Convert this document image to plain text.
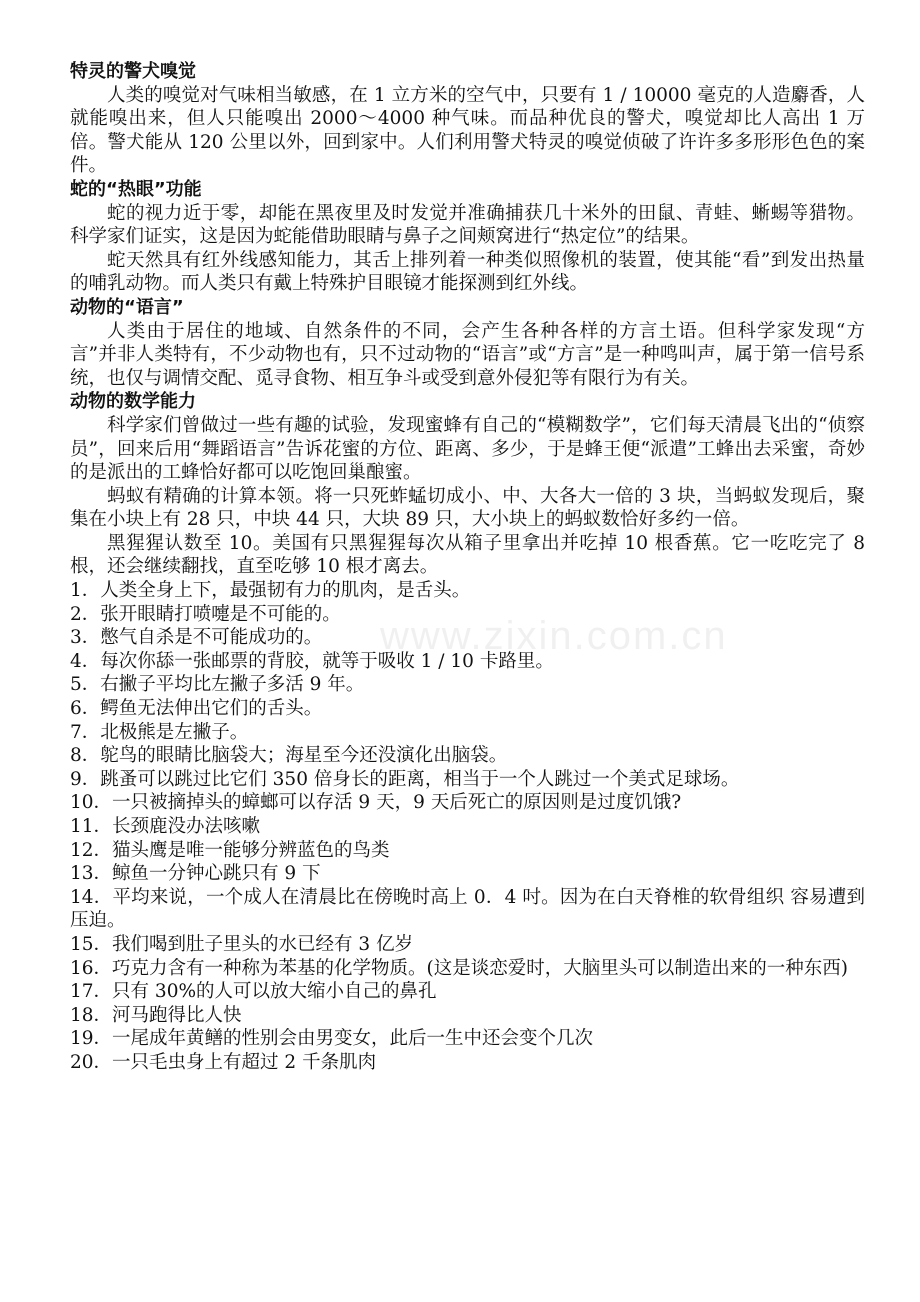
www.zixin.com.cn

特灵的警犬嗅觉

人类的嗅觉对气味相当敏感，在 1 立方米的空气中，只要有 1 / 10000 毫克的人造麝香，人就能嗅出来，但人只能嗅出 2000～4000 种气味。而品种优良的警犬，嗅觉却比人高出 1 万倍。警犬能从 120 公里以外，回到家中。人们利用警犬特灵的嗅觉侦破了许许多多形形色色的案件。

蛇的“热眼”功能

蛇的视力近于零，却能在黑夜里及时发觉并准确捕获几十米外的田鼠、青蛙、蜥蜴等猎物。科学家们证实，这是因为蛇能借助眼睛与鼻子之间颊窝进行“热定位”的结果。

蛇天然具有红外线感知能力，其舌上排列着一种类似照像机的装置，使其能“看”到发出热量的哺乳动物。而人类只有戴上特殊护目眼镜才能探测到红外线。

动物的“语言”

人类由于居住的地域、自然条件的不同，会产生各种各样的方言土语。但科学家发现“方言”并非人类特有，不少动物也有，只不过动物的“语言”或“方言”是一种鸣叫声，属于第一信号系统，也仅与调情交配、觅寻食物、相互争斗或受到意外侵犯等有限行为有关。

动物的数学能力

科学家们曾做过一些有趣的试验，发现蜜蜂有自己的“模糊数学”，它们每天清晨飞出的“侦察员”，回来后用“舞蹈语言”告诉花蜜的方位、距离、多少，于是蜂王便“派遣”工蜂出去采蜜，奇妙的是派出的工蜂恰好都可以吃饱回巢酿蜜。

蚂蚁有精确的计算本领。将一只死蚱蜢切成小、中、大各大一倍的 3 块，当蚂蚁发现后，聚集在小块上有 28 只，中块 44 只，大块 89 只，大小块上的蚂蚁数恰好多约一倍。

黑猩猩认数至 10。美国有只黑猩猩每次从箱子里拿出并吃掉 10 根香蕉。它一吃吃完了 8 根，还会继续翻找，直至吃够 10 根才离去。

1．人类全身上下，最强韧有力的肌肉，是舌头。
2．张开眼睛打喷嚏是不可能的。
3．憋气自杀是不可能成功的。
4．每次你舔一张邮票的背胶，就等于吸收 1 / 10 卡路里。
5．右撇子平均比左撇子多活 9 年。
6．鳄鱼无法伸出它们的舌头。
7．北极熊是左撇子。
8．鸵鸟的眼睛比脑袋大；海星至今还没演化出脑袋。
9．跳蚤可以跳过比它们 350 倍身长的距离，相当于一个人跳过一个美式足球场。
10．一只被摘掉头的蟑螂可以存活 9 天，9 天后死亡的原因则是过度饥饿?
11．长颈鹿没办法咳嗽
12．猫头鹰是唯一能够分辨蓝色的鸟类
13．鲸鱼一分钟心跳只有 9 下
14．平均来说，一个成人在清晨比在傍晚时高上 0．4 吋。因为在白天脊椎的软骨组织 容易遭到压迫。
15．我们喝到肚子里头的水已经有 3 亿岁
16．巧克力含有一种称为苯基的化学物质。(这是谈恋爱时，大脑里头可以制造出来的一种东西)
17．只有 30%的人可以放大缩小自己的鼻孔
18．河马跑得比人快
19．一尾成年黄鳝的性别会由男变女，此后一生中还会变个几次
20．一只毛虫身上有超过 2 千条肌肉
